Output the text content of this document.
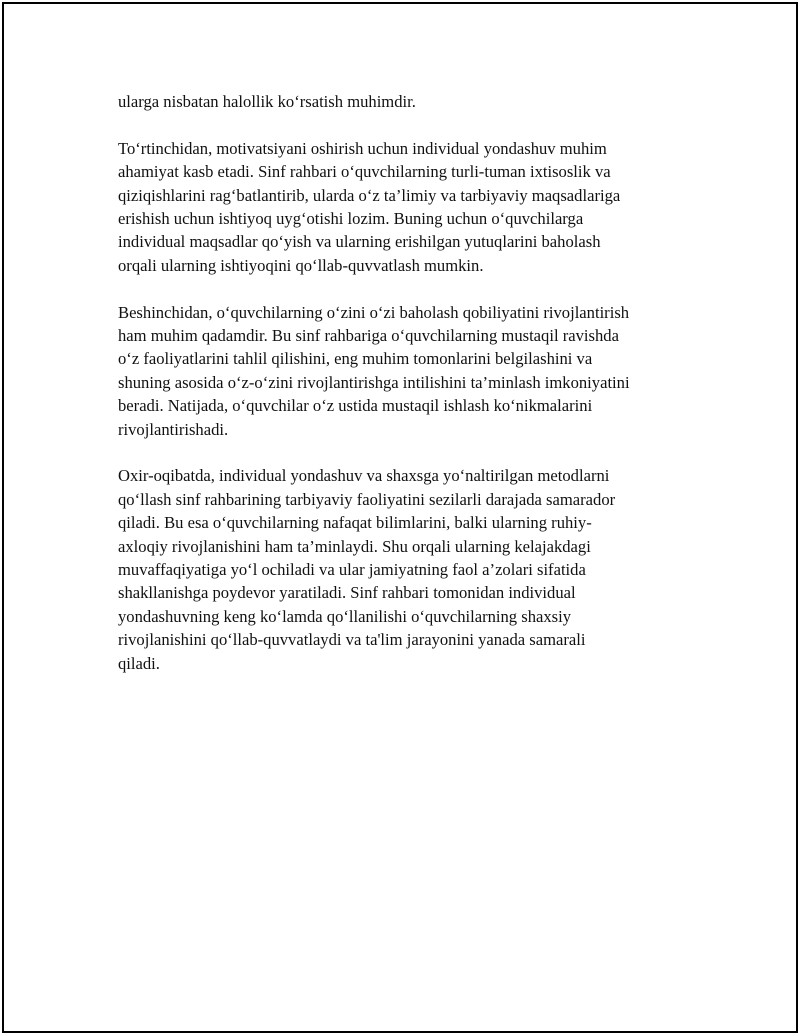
ularga nisbatan halollik ko‘rsatish muhimdir.

To‘rtinchidan, motivatsiyani oshirish uchun individual yondashuv muhim
ahamiyat kasb etadi. Sinf rahbari o‘quvchilarning turli-tuman ixtisoslik va
qiziqishlarini rag‘batlantirib, ularda o‘z ta’limiy va tarbiyaviy maqsadlariga
erishish uchun ishtiyoq uyg‘otishi lozim. Buning uchun o‘quvchilarga
individual maqsadlar qo‘yish va ularning erishilgan yutuqlarini baholash
orqali ularning ishtiyoqini qo‘llab-quvvatlash mumkin.

Beshinchidan, o‘quvchilarning o‘zini o‘zi baholash qobiliyatini rivojlantirish
ham muhim qadamdir. Bu sinf rahbariga o‘quvchilarning mustaqil ravishda
o‘z faoliyatlarini tahlil qilishini, eng muhim tomonlarini belgilashini va
shuning asosida o‘z-o‘zini rivojlantirishga intilishini ta’minlash imkoniyatini
beradi. Natijada, o‘quvchilar o‘z ustida mustaqil ishlash ko‘nikmalarini
rivojlantirishadi.

Oxir-oqibatda, individual yondashuv va shaxsga yo‘naltirilgan metodlarni
qo‘llash sinf rahbarining tarbiyaviy faoliyatini sezilarli darajada samarador
qiladi. Bu esa o‘quvchilarning nafaqat bilimlarini, balki ularning ruhiy-
axloqiy rivojlanishini ham ta’minlaydi. Shu orqali ularning kelajakdagi
muvaffaqiyatiga yo‘l ochiladi va ular jamiyatning faol a’zolari sifatida
shakllanishga poydevor yaratiladi. Sinf rahbari tomonidan individual
yondashuvning keng ko‘lamda qo‘llanilishi o‘quvchilarning shaxsiy
rivojlanishini qo‘llab-quvvatlaydi va ta'lim jarayonini yanada samarali
qiladi.
